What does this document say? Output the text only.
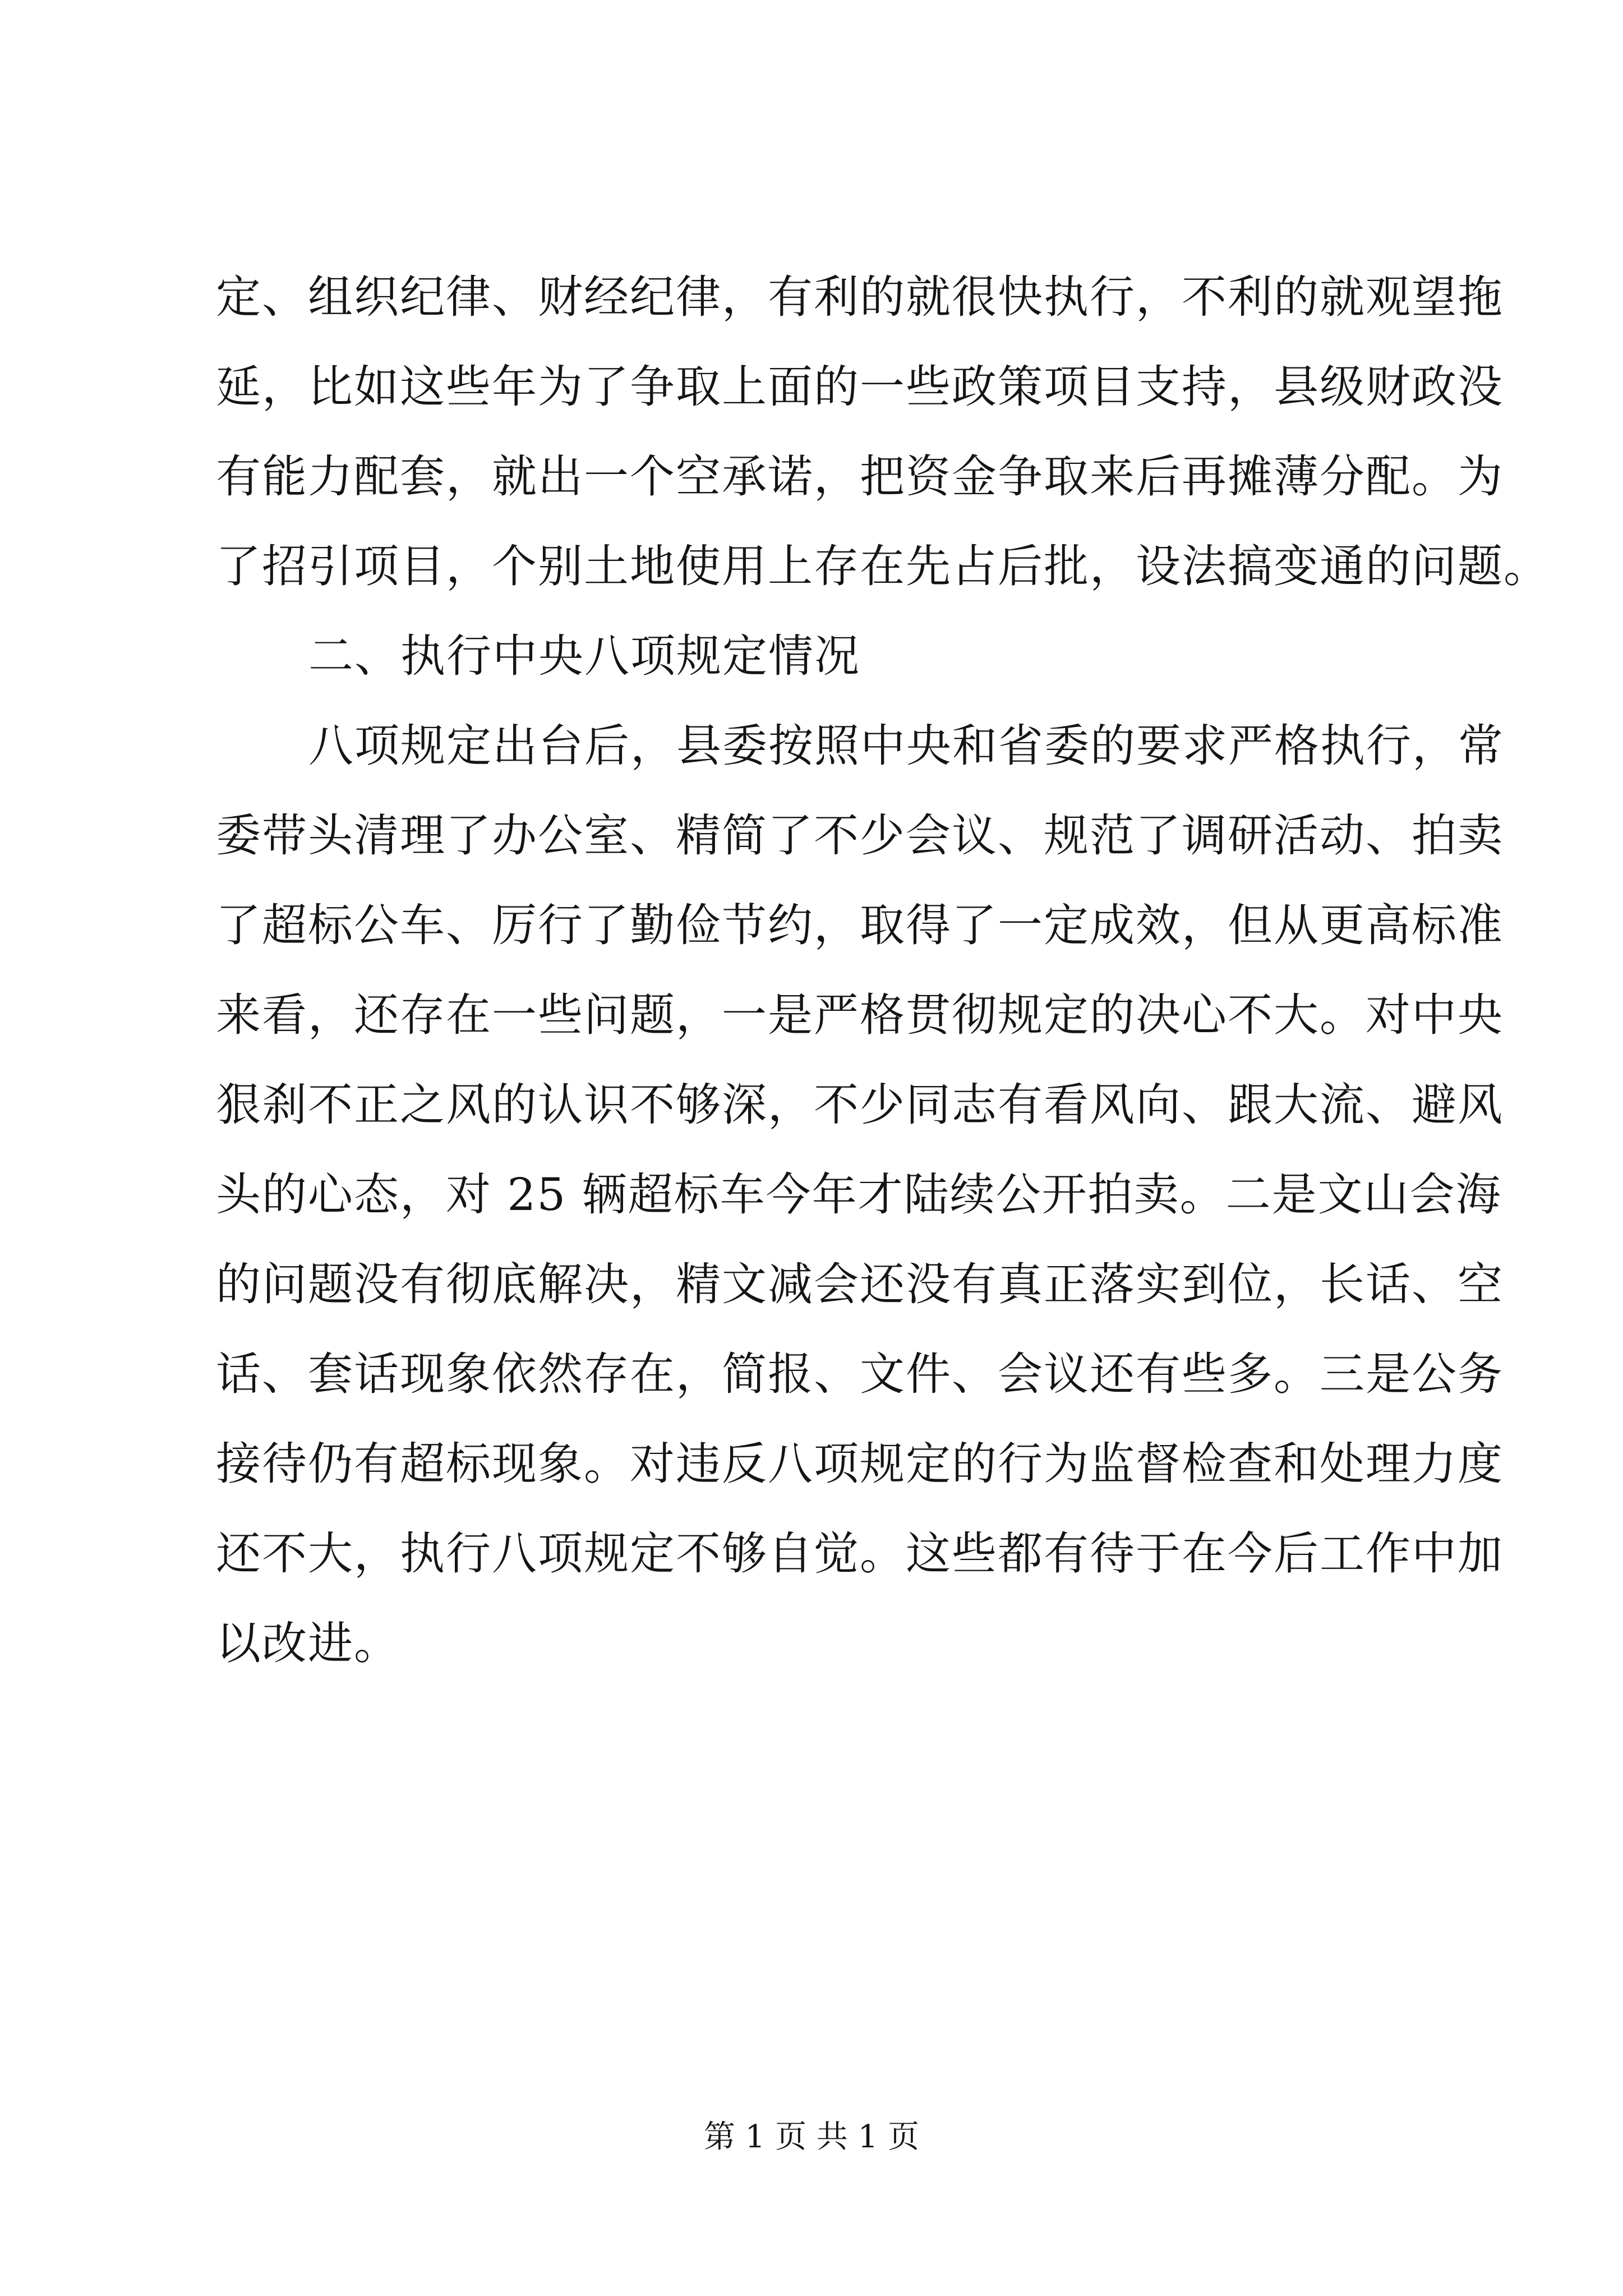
定、组织纪律、财经纪律，有利的就很快执行，不利的就观望拖
延，比如这些年为了争取上面的一些政策项目支持，县级财政没
有能力配套，就出一个空承诺，把资金争取来后再摊薄分配。为
了招引项目，个别土地使用上存在先占后批，设法搞变通的问题。
二、执行中央八项规定情况
八项规定出台后，县委按照中央和省委的要求严格执行，常
委带头清理了办公室、精简了不少会议、规范了调研活动、拍卖
了超标公车、厉行了勤俭节约，取得了一定成效，但从更高标准
来看，还存在一些问题，一是严格贯彻规定的决心不大。对中央
狠刹不正之风的认识不够深，不少同志有看风向、跟大流、避风
头的心态，对 25 辆超标车今年才陆续公开拍卖。二是文山会海
的问题没有彻底解决，精文减会还没有真正落实到位，长话、空
话、套话现象依然存在，简报、文件、会议还有些多。三是公务
接待仍有超标现象。对违反八项规定的行为监督检查和处理力度
还不大，执行八项规定不够自觉。这些都有待于在今后工作中加
以改进。
第 1 页 共 1 页
